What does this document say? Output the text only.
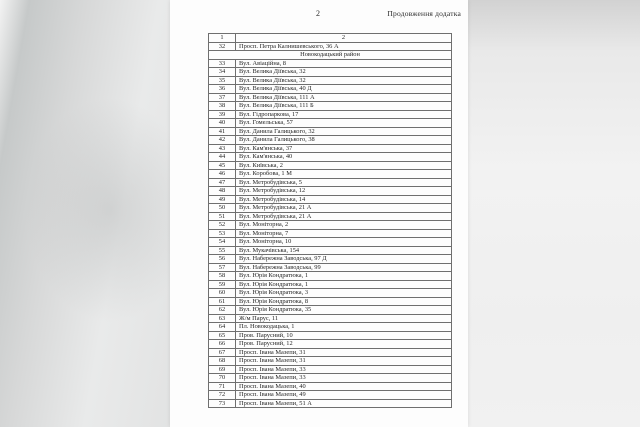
2	Продовження додатка
1	2
32	Просп. Петра Калнишевського, 36 А
Новокодацький район	
33	Вул. Авіаційна, 8
34	Вул. Велика Діївська, 32
35	Вул. Велика Діївська, 32
36	Вул. Велика Діївська, 40 Д
37	Вул. Велика Діївська, 111 А
38	Вул. Велика Діївська, 111 Б
39	Вул. Гідропаркова, 17
40	Вул. Гомельська, 57
41	Вул. Данила Галицького, 32
42	Вул. Данила Галицького, 38
43	Вул. Кам'янська, 37
44	Вул. Кам'янська, 40
45	Вул. Київська, 2
46	Вул. Коробова, 1 М
47	Вул. Метробудівська, 5
48	Вул. Метробудівська, 12
49	Вул. Метробудівська, 14
50	Вул. Метробудівська, 21 А
51	Вул. Метробудівська, 21 А
52	Вул. Моніторна, 2
53	Вул. Моніторна, 7
54	Вул. Моніторна, 10
55	Вул. Мукачівська, 154
56	Вул. Набережна Заводська, 97 Д
57	Вул. Набережна Заводська, 99
58	Вул. Юрія Кондратюка, 1
59	Вул. Юрія Кондратюка, 1
60	Вул. Юрія Кондратюка, 3
61	Вул. Юрія Кондратюка, 8
62	Вул. Юрія Кондратюка, 35
63	Ж/м Парус, 11
64	Пл. Новокодацька, 1
65	Пров. Парусний, 10
66	Пров. Парусний, 12
67	Просп. Івана Мазепи, 31
68	Просп. Івана Мазепи, 31
69	Просп. Івана Мазепи, 33
70	Просп. Івана Мазепи, 33
71	Просп. Івана Мазепи, 40
72	Просп. Івана Мазепи, 49
73	Просп. Івана Мазепи, 51 А
